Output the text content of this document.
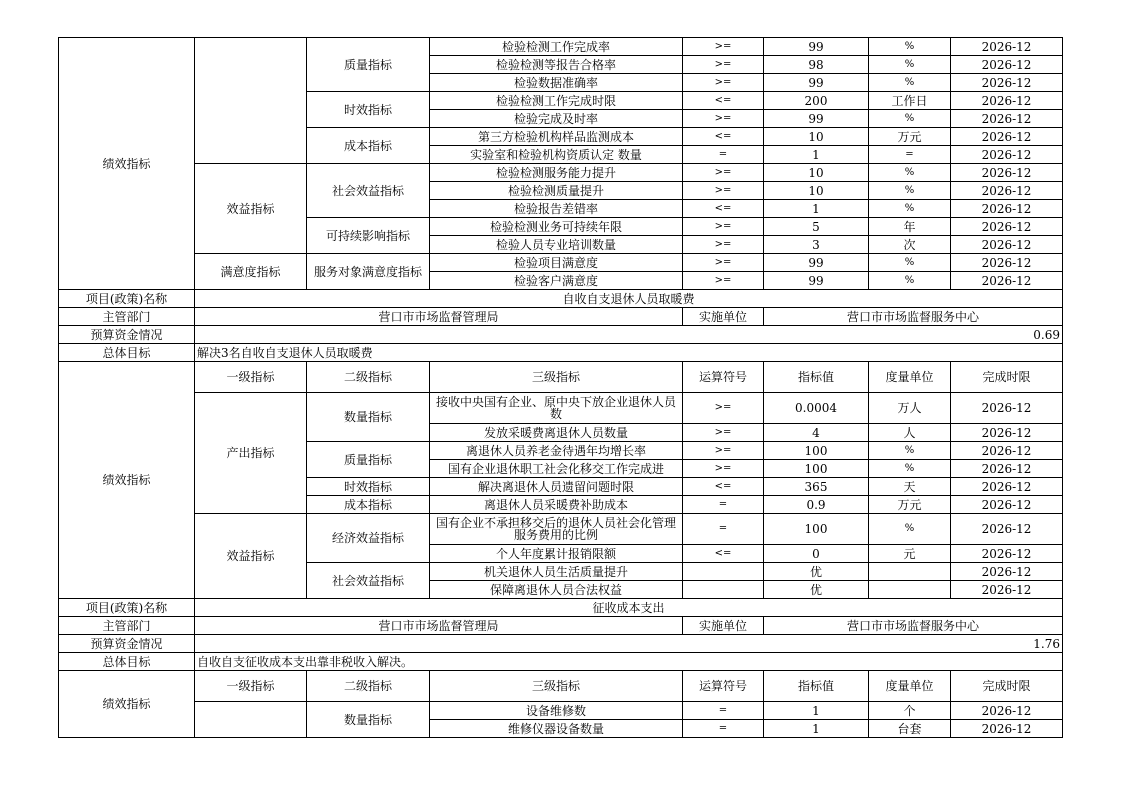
绩效指标		质量指标	检验检测工作完成率	>=	99	%	2026-12
			检验检测等报告合格率	>=	98	%	2026-12
			检验数据准确率	>=	99	%	2026-12
		时效指标	检验检测工作完成时限	<=	200	工作日	2026-12
			检验完成及时率	>=	99	%	2026-12
		成本指标	第三方检验机构样品监测成本	<=	10	万元	2026-12
			实验室和检验机构资质认定 数量	=	1	=	2026-12
	效益指标	社会效益指标	检验检测服务能力提升	>=	10	%	2026-12
			检验检测质量提升	>=	10	%	2026-12
			检验报告差错率	<=	1	%	2026-12
		可持续影响指标	检验检测业务可持续年限	>=	5	年	2026-12
			检验人员专业培训数量	>=	3	次	2026-12
	满意度指标	服务对象满意度指标	检验项目满意度	>=	99	%	2026-12
			检验客户满意度	>=	99	%	2026-12
项目(政策)名称	自收自支退休人员取暖费						
主管部门	营口市市场监督管理局			实施单位	营口市市场监督服务中心		
预算资金情况	0.69						
总体目标	解决3名自收自支退休人员取暖费						
绩效指标	一级指标	二级指标	三级指标	运算符号	指标值	度量单位	完成时限
	产出指标	数量指标	接收中央国有企业、原中央下放企业退休人员数	>=	0.0004	万人	2026-12
			发放采暖费离退休人员数量	>=	4	人	2026-12
		质量指标	离退休人员养老金待遇年均增长率	>=	100	%	2026-12
			国有企业退休职工社会化移交工作完成进	>=	100	%	2026-12
		时效指标	解决离退休人员遗留问题时限	<=	365	天	2026-12
		成本指标	离退休人员采暖费补助成本	=	0.9	万元	2026-12
	效益指标	经济效益指标	国有企业不承担移交后的退休人员社会化管理服务费用的比例	=	100	%	2026-12
			个人年度累计报销限额	<=	0	元	2026-12
		社会效益指标	机关退休人员生活质量提升		优		2026-12
			保障离退休人员合法权益		优		2026-12
项目(政策)名称	征收成本支出						
主管部门	营口市市场监督管理局			实施单位	营口市市场监督服务中心		
预算资金情况	1.76						
总体目标	自收自支征收成本支出靠非税收入解决。						
绩效指标	一级指标	二级指标	三级指标	运算符号	指标值	度量单位	完成时限
		数量指标	设备维修数	=	1	个	2026-12
			维修仪器设备数量	=	1	台套	2026-12
